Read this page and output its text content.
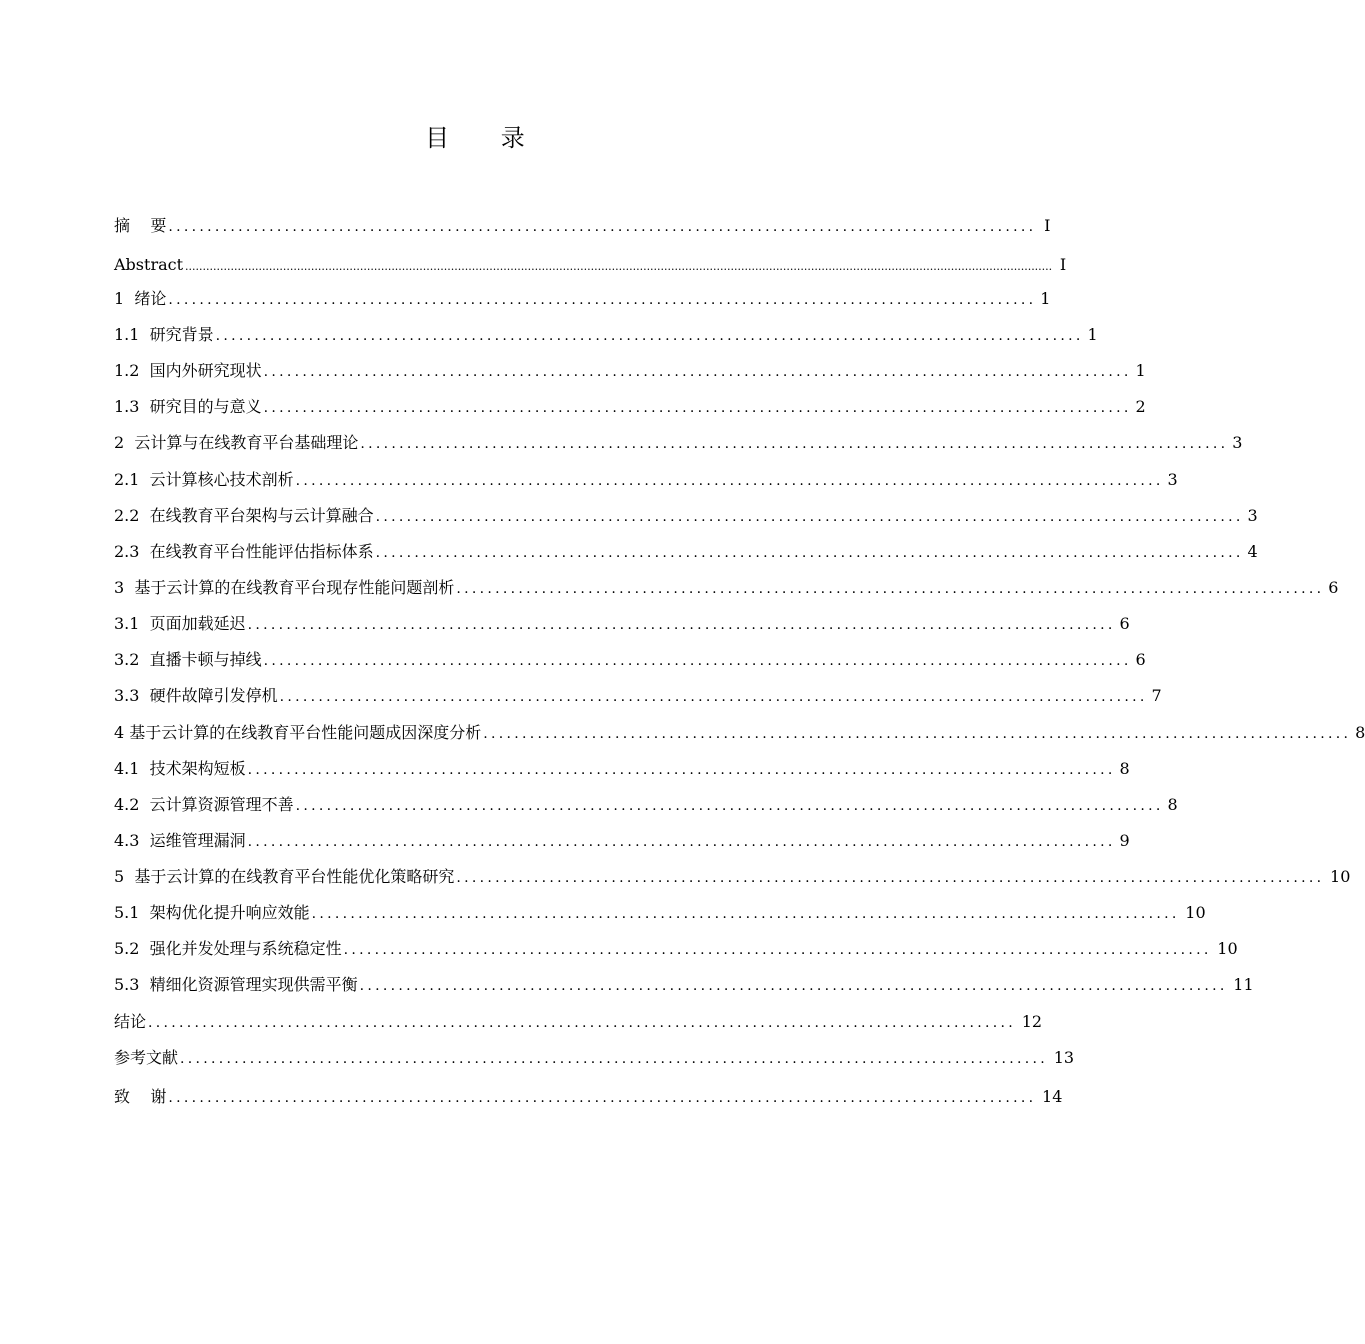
目 录
摘    要 ................................................................................................................ I
Abstract ........................................................................................................................................................................................................................................................ I
1  绪论 ................................................................................................................ 1
1.1  研究背景 ................................................................................................................ 1
1.2  国内外研究现状 ................................................................................................................ 1
1.3  研究目的与意义 ................................................................................................................ 2
2  云计算与在线教育平台基础理论 ................................................................................................................ 3
2.1  云计算核心技术剖析 ................................................................................................................ 3
2.2  在线教育平台架构与云计算融合 ................................................................................................................ 3
2.3  在线教育平台性能评估指标体系 ................................................................................................................ 4
3  基于云计算的在线教育平台现存性能问题剖析 ................................................................................................................ 6
3.1  页面加载延迟 ................................................................................................................ 6
3.2  直播卡顿与掉线 ................................................................................................................ 6
3.3  硬件故障引发停机 ................................................................................................................ 7
4 基于云计算的在线教育平台性能问题成因深度分析 ................................................................................................................ 8
4.1  技术架构短板 ................................................................................................................ 8
4.2  云计算资源管理不善 ................................................................................................................ 8
4.3  运维管理漏洞 ................................................................................................................ 9
5  基于云计算的在线教育平台性能优化策略研究 ................................................................................................................ 10
5.1  架构优化提升响应效能 ................................................................................................................ 10
5.2  强化并发处理与系统稳定性 ................................................................................................................ 10
5.3  精细化资源管理实现供需平衡 ................................................................................................................ 11
结论 ................................................................................................................ 12
参考文献 ................................................................................................................ 13
致    谢 ................................................................................................................ 14
